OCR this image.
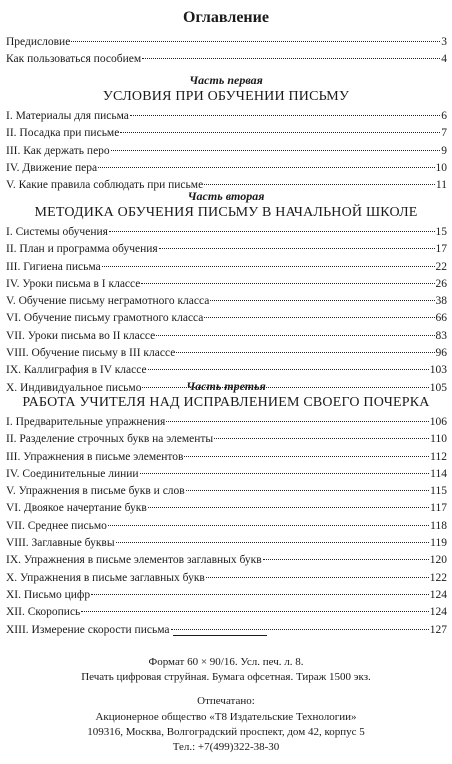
Оглавление
Предисловие	3
Как пользоваться пособием	4
Часть первая
УСЛОВИЯ ПРИ ОБУЧЕНИИ ПИСЬМУ
I. Материалы для письма	6
II. Посадка при письме	7
III. Как держать перо	9
IV. Движение пера	10
V. Какие правила соблюдать при письме	11
Часть вторая
МЕТОДИКА ОБУЧЕНИЯ ПИСЬМУ В НАЧАЛЬНОЙ ШКОЛЕ
I. Системы обучения	15
II. План и программа обучения	17
III. Гигиена письма	22
IV. Уроки письма в I классе	26
V. Обучение письму неграмотного класса	38
VI. Обучение письму грамотного класса	66
VII. Уроки письма во II классе	83
VIII. Обучение письму в III классе	96
IX. Каллиграфия в IV классе	103
X. Индивидуальное письмо	105
Часть третья
РАБОТА УЧИТЕЛЯ НАД ИСПРАВЛЕНИЕМ СВОЕГО ПОЧЕРКА
I. Предварительные упражнения	106
II. Разделение строчных букв на элементы	110
III. Упражнения в письме элементов	112
IV. Соединительные линии	114
V. Упражнения в письме букв и слов	115
VI. Двоякое начертание букв	117
VII. Среднее письмо	118
VIII. Заглавные буквы	119
IX. Упражнения в письме элементов заглавных букв	120
X. Упражнения в письме заглавных букв	122
XI. Письмо цифр	124
XII. Скоропись	124
XIII. Измерение скорости письма	127
Формат 60 × 90/16. Усл. печ. л. 8.
Печать цифровая струйная. Бумага офсетная. Тираж 1500 экз.
Отпечатано:
Акционерное общество «Т8 Издательские Технологии»
109316, Москва, Волгоградский проспект, дом 42, корпус 5
Тел.: +7(499)322-38-30
